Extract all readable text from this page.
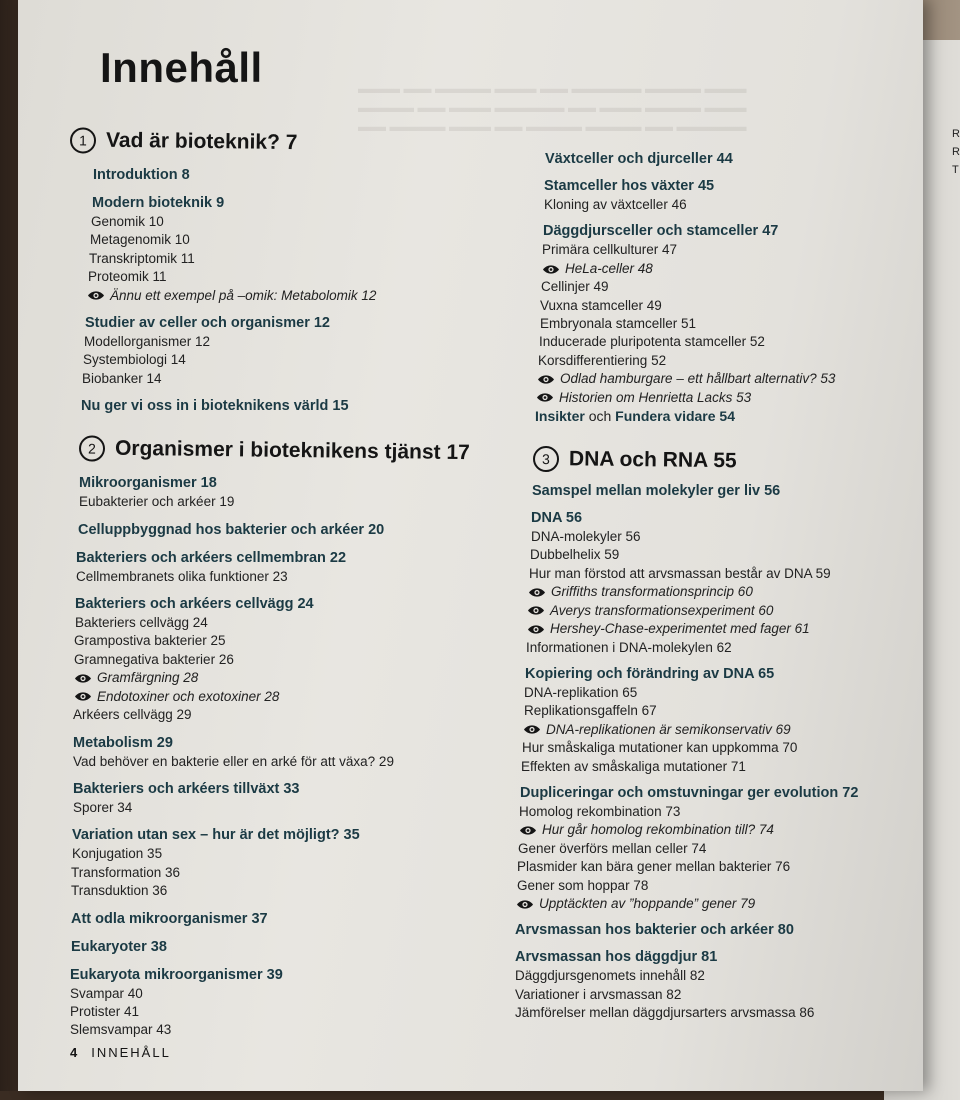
R
R
T
▬▬▬ ▬▬ ▬▬▬▬ ▬▬▬ ▬▬ ▬▬▬▬▬ ▬▬▬▬ ▬▬▬
▬▬▬▬ ▬▬ ▬▬▬ ▬▬▬▬▬ ▬▬ ▬▬▬ ▬▬▬▬ ▬▬▬
▬▬ ▬▬▬▬ ▬▬▬ ▬▬ ▬▬▬▬ ▬▬▬▬ ▬▬ ▬▬▬▬▬
Innehåll
1 Vad är bioteknik? 7
Introduktion 8
Modern bioteknik 9
Genomik 10
Metagenomik 10
Transkriptomik 11
Proteomik 11
Ännu ett exempel på –omik: Metabolomik 12
Studier av celler och organismer 12
Modellorganismer 12
Systembiologi 14
Biobanker 14
Nu ger vi oss in i bioteknikens värld 15
2 Organismer i bioteknikens tjänst 17
Mikroorganismer 18
Eubakterier och arkéer 19
Celluppbyggnad hos bakterier och arkéer 20
Bakteriers och arkéers cellmembran 22
Cellmembranets olika funktioner 23
Bakteriers och arkéers cellvägg 24
Bakteriers cellvägg 24
Grampostiva bakterier 25
Gramnegativa bakterier 26
Gramfärgning 28
Endotoxiner och exotoxiner 28
Arkéers cellvägg 29
Metabolism 29
Vad behöver en bakterie eller en arké för att växa? 29
Bakteriers och arkéers tillväxt 33
Sporer 34
Variation utan sex – hur är det möjligt? 35
Konjugation 35
Transformation 36
Transduktion 36
Att odla mikroorganismer 37
Eukaryoter 38
Eukaryota mikroorganismer 39
Svampar 40
Protister 41
Slemsvampar 43
Växtceller och djurceller 44
Stamceller hos växter 45
Kloning av växtceller 46
Däggdjursceller och stamceller 47
Primära cellkulturer 47
HeLa-celler 48
Cellinjer 49
Vuxna stamceller 49
Embryonala stamceller 51
Inducerade pluripotenta stamceller 52
Korsdifferentiering 52
Odlad hamburgare – ett hållbart alternativ? 53
Historien om Henrietta Lacks 53
Insikter och Fundera vidare 54
3 DNA och RNA 55
Samspel mellan molekyler ger liv 56
DNA 56
DNA-molekyler 56
Dubbelhelix 59
Hur man förstod att arvsmassan består av DNA 59
Griffiths transformationsprincip 60
Averys transformationsexperiment 60
Hershey-Chase-experimentet med fager 61
Informationen i DNA-molekylen 62
Kopiering och förändring av DNA 65
DNA-replikation 65
Replikationsgaffeln 67
DNA-replikationen är semikonservativ 69
Hur småskaliga mutationer kan uppkomma 70
Effekten av småskaliga mutationer 71
Dupliceringar och omstuvningar ger evolution 72
Homolog rekombination 73
Hur går homolog rekombination till? 74
Gener överförs mellan celler 74
Plasmider kan bära gener mellan bakterier 76
Gener som hoppar 78
Upptäckten av ”hoppande” gener 79
Arvsmassan hos bakterier och arkéer 80
Arvsmassan hos däggdjur 81
Däggdjursgenomets innehåll 82
Variationer i arvsmassan 82
Jämförelser mellan däggdjursarters arvsmassa 86
4 INNEHÅLL
